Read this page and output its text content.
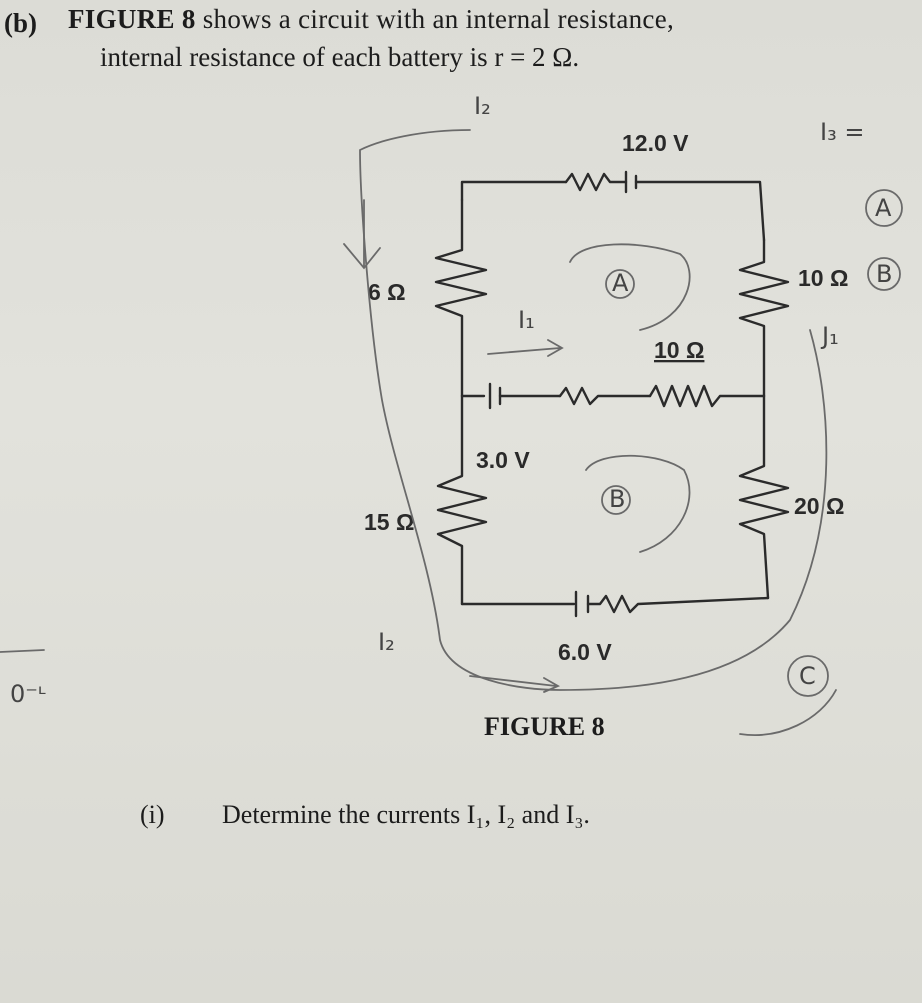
(b) FIGURE 8 shows a circuit with an internal resistance,
internal resistance of each battery is r = 2 Ω.
12.0 V
6 Ω
10 Ω
10 Ω
3.0 V
15 Ω
20 Ω
6.0 V
I₂
I₃ =
A
B
C
A
B
I₁
J₁
I₂
0⁻ᶫ
FIGURE 8
(i) Determine the currents I₁, I₂ and I₃.
